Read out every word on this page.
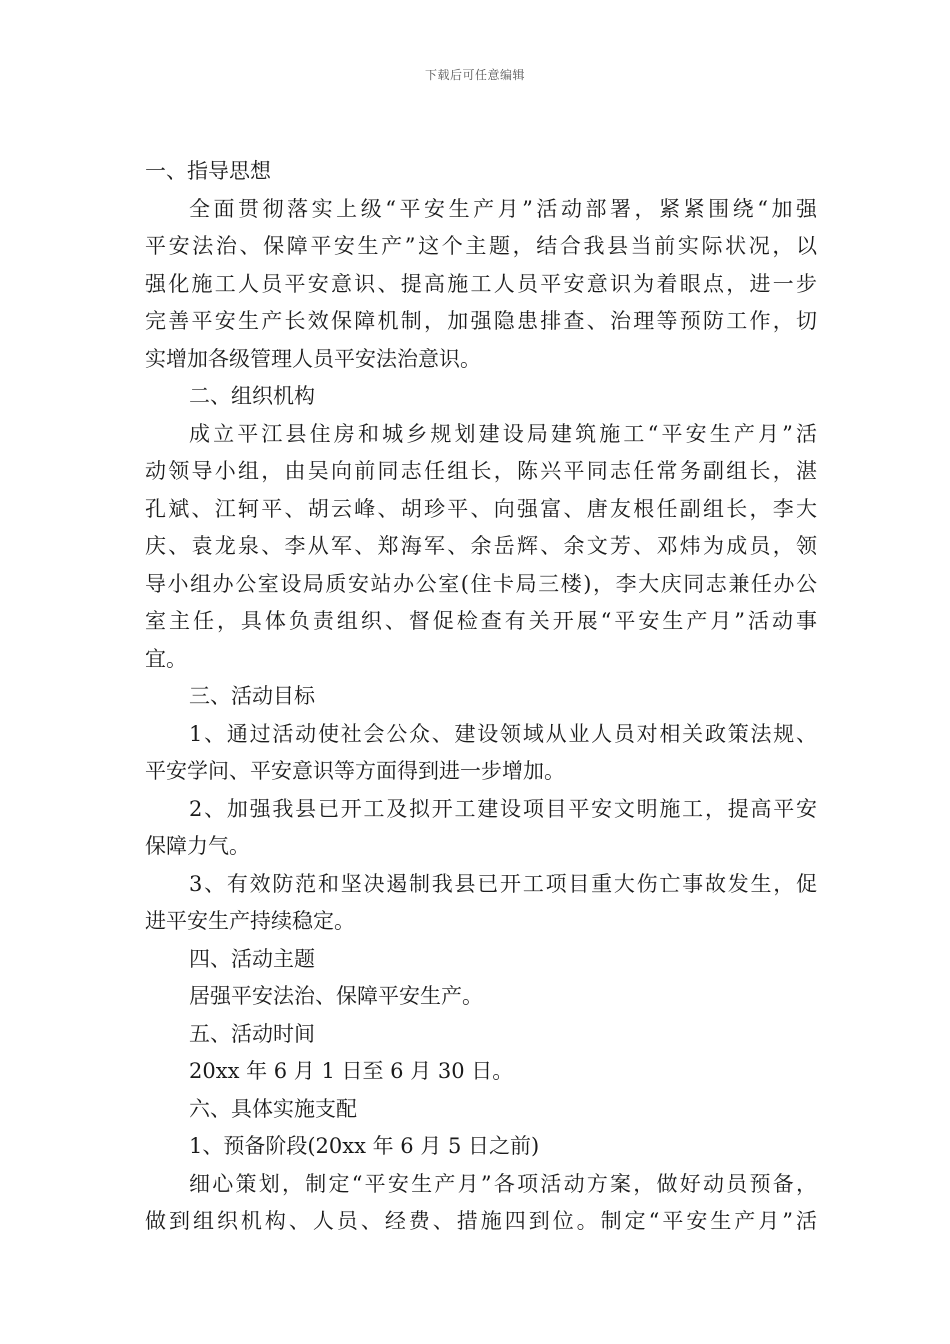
下载后可任意编辑
一、指导思想
全面贯彻落实上级“平安生产月”活动部署，紧紧围绕“加强
平安法治、保障平安生产”这个主题，结合我县当前实际状况，以
强化施工人员平安意识、提高施工人员平安意识为着眼点，进一步
完善平安生产长效保障机制，加强隐患排查、治理等预防工作，切
实增加各级管理人员平安法治意识。
二、组织机构
成立平江县住房和城乡规划建设局建筑施工“平安生产月”活
动领导小组，由吴向前同志任组长，陈兴平同志任常务副组长，湛
孔斌、江轲平、胡云峰、胡珍平、向强富、唐友根任副组长，李大
庆、袁龙泉、李从军、郑海军、余岳辉、余文芳、邓炜为成员，领
导小组办公室设局质安站办公室(住卡局三楼)，李大庆同志兼任办公
室主任，具体负责组织、督促检查有关开展“平安生产月”活动事
宜。
三、活动目标
1、通过活动使社会公众、建设领域从业人员对相关政策法规、
平安学问、平安意识等方面得到进一步增加。
2、加强我县已开工及拟开工建设项目平安文明施工，提高平安
保障力气。
3、有效防范和坚决遏制我县已开工项目重大伤亡事故发生，促
进平安生产持续稳定。
四、活动主题
居强平安法治、保障平安生产。
五、活动时间
20xx 年 6 月 1 日至 6 月 30 日。
六、具体实施支配
1、预备阶段(20xx 年 6 月 5 日之前)
细心策划，制定“平安生产月”各项活动方案，做好动员预备，
做到组织机构、人员、经费、措施四到位。制定“平安生产月”活
